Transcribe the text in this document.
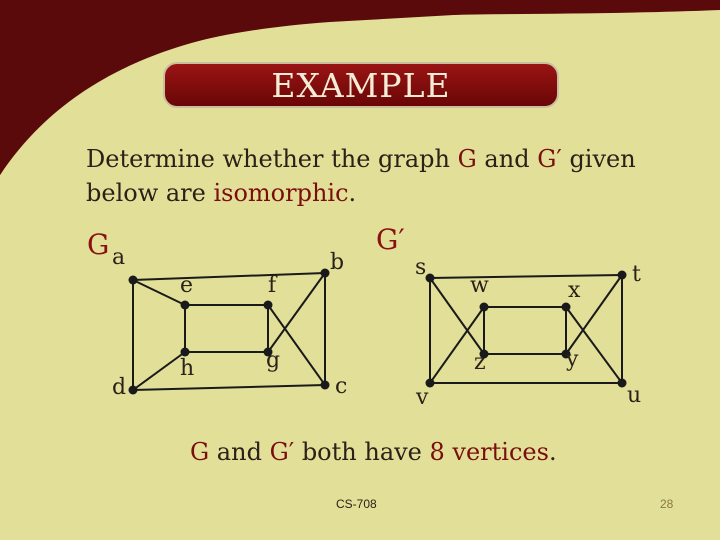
EXAMPLE
Determine whether the graph G and G′ given
below are isomorphic.
G a	b
c
d
e	f
g
h
G′
s	t
u
v
w	x
y
z
G and G′ both have 8 vertices.
CS-708	28
